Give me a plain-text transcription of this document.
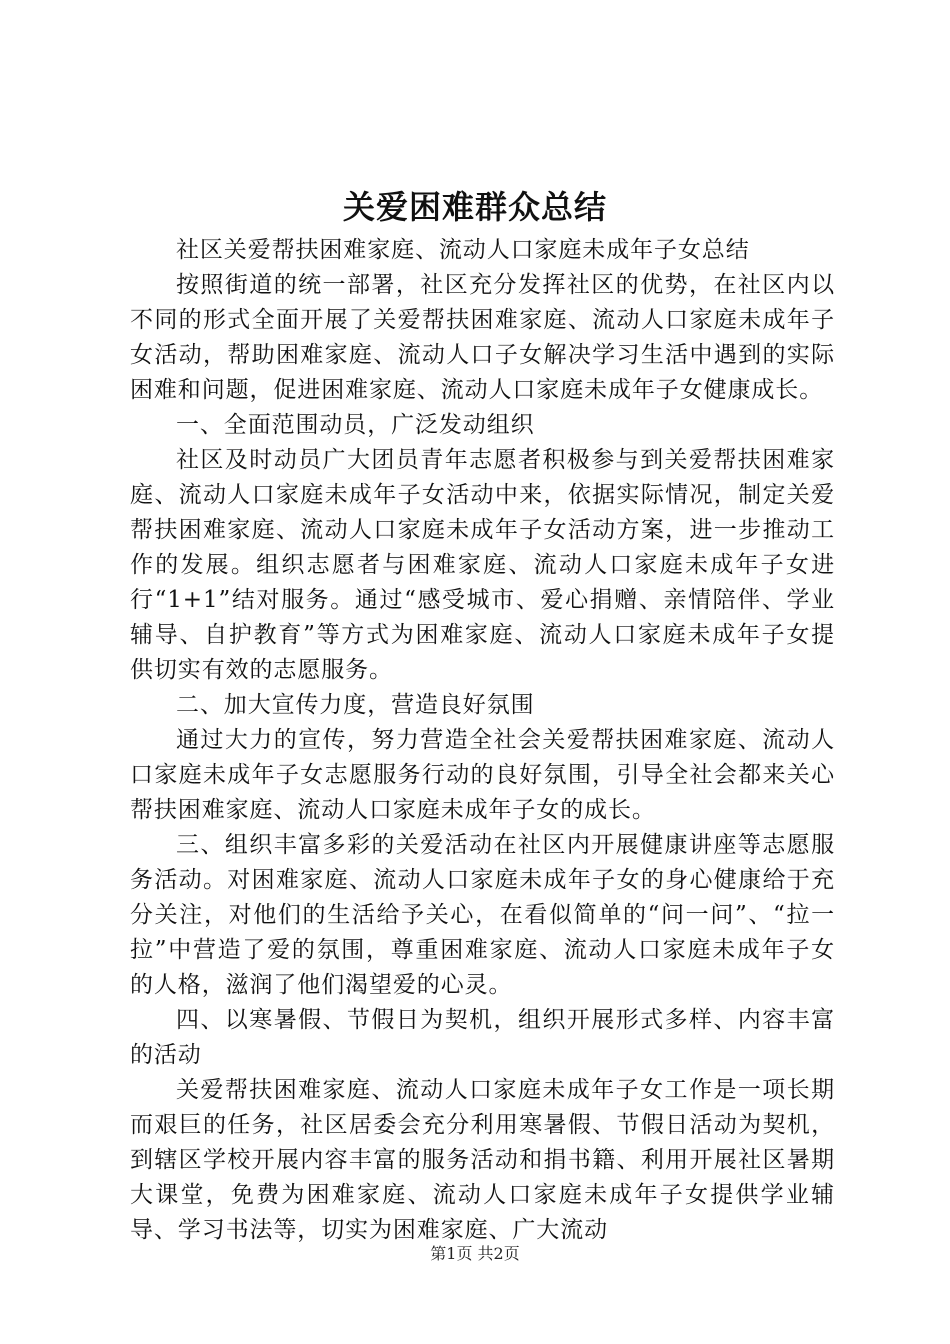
关爱困难群众总结

社区关爱帮扶困难家庭、流动人口家庭未成年子女总结

按照街道的统一部署，社区充分发挥社区的优势，在社区内以不同的形式全面开展了关爱帮扶困难家庭、流动人口家庭未成年子女活动，帮助困难家庭、流动人口子女解决学习生活中遇到的实际困难和问题，促进困难家庭、流动人口家庭未成年子女健康成长。

一、全面范围动员，广泛发动组织

社区及时动员广大团员青年志愿者积极参与到关爱帮扶困难家庭、流动人口家庭未成年子女活动中来，依据实际情况，制定关爱帮扶困难家庭、流动人口家庭未成年子女活动方案，进一步推动工作的发展。组织志愿者与困难家庭、流动人口家庭未成年子女进行“1+1”结对服务。通过“感受城市、爱心捐赠、亲情陪伴、学业辅导、自护教育”等方式为困难家庭、流动人口家庭未成年子女提供切实有效的志愿服务。

二、加大宣传力度，营造良好氛围

通过大力的宣传，努力营造全社会关爱帮扶困难家庭、流动人口家庭未成年子女志愿服务行动的良好氛围，引导全社会都来关心帮扶困难家庭、流动人口家庭未成年子女的成长。

三、组织丰富多彩的关爱活动在社区内开展健康讲座等志愿服务活动。对困难家庭、流动人口家庭未成年子女的身心健康给于充分关注，对他们的生活给予关心，在看似简单的“问一问”、“拉一拉”中营造了爱的氛围，尊重困难家庭、流动人口家庭未成年子女的人格，滋润了他们渴望爱的心灵。

四、以寒暑假、节假日为契机，组织开展形式多样、内容丰富的活动

关爱帮扶困难家庭、流动人口家庭未成年子女工作是一项长期而艰巨的任务，社区居委会充分利用寒暑假、节假日活动为契机，到辖区学校开展内容丰富的服务活动和捐书籍、利用开展社区暑期大课堂，免费为困难家庭、流动人口家庭未成年子女提供学业辅导、学习书法等，切实为困难家庭、广大流动

第1页 共2页
